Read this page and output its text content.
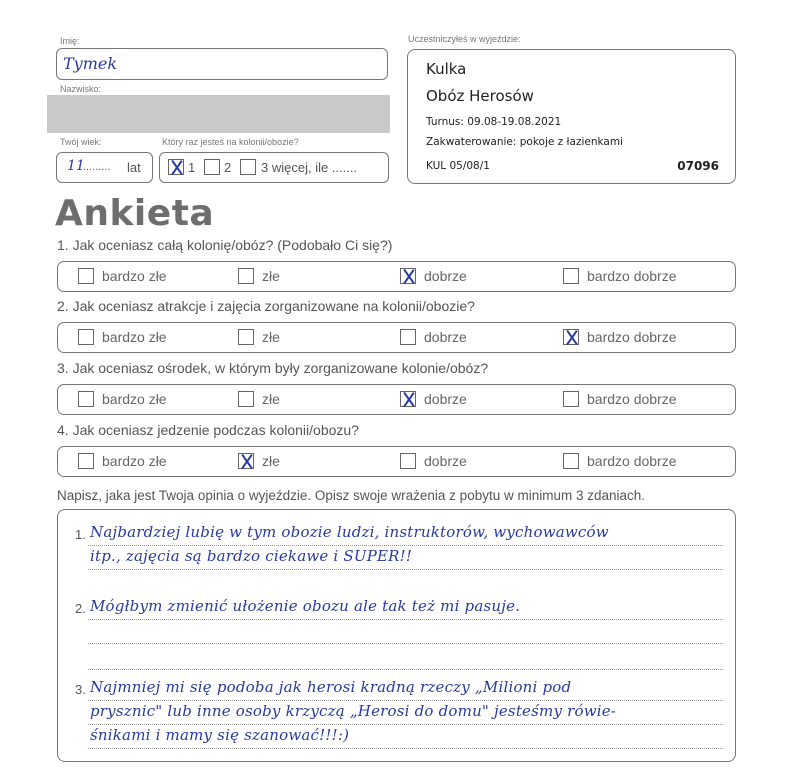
Imię:
Tymek
Nazwisko:
Twój wiek:
11
......... lat
Który raz jesteś na kolonii/obozie?
1 2 3 więcej, ile .......
Uczestniczyłeś w wyjeździe:
Kulka
Obóz Herosów
Turnus: 09.08-19.08.2021
Zakwaterowanie: pokoje z łazienkami
KUL 05/08/1	07096
Ankieta
1. Jak oceniasz całą kolonię/obóz? (Podobało Ci się?)
bardzo złe	złe	dobrze	bardzo dobrze
2. Jak oceniasz atrakcje i zajęcia zorganizowane na kolonii/obozie?
bardzo złe	złe	dobrze	bardzo dobrze
3. Jak oceniasz ośrodek, w którym były zorganizowane kolonie/obóz?
bardzo złe	złe	dobrze	bardzo dobrze
4. Jak oceniasz jedzenie podczas kolonii/obozu?
bardzo złe	złe	dobrze	bardzo dobrze
Napisz, jaka jest Twoja opinia o wyjeździe. Opisz swoje wrażenia z pobytu w minimum 3 zdaniach.
1.
2.
3.
Najbardziej lubię w tym obozie ludzi, instruktorów, wychowawców
itp., zajęcia są bardzo ciekawe i SUPER!!
Mógłbym zmienić ułożenie obozu ale tak też mi pasuje.
Najmniej mi się podoba jak herosi kradną rzeczy „Milioni pod
prysznic" lub inne osoby krzyczą „Herosi do domu" jesteśmy rówie-
śnikami i mamy się szanować!!!:)
